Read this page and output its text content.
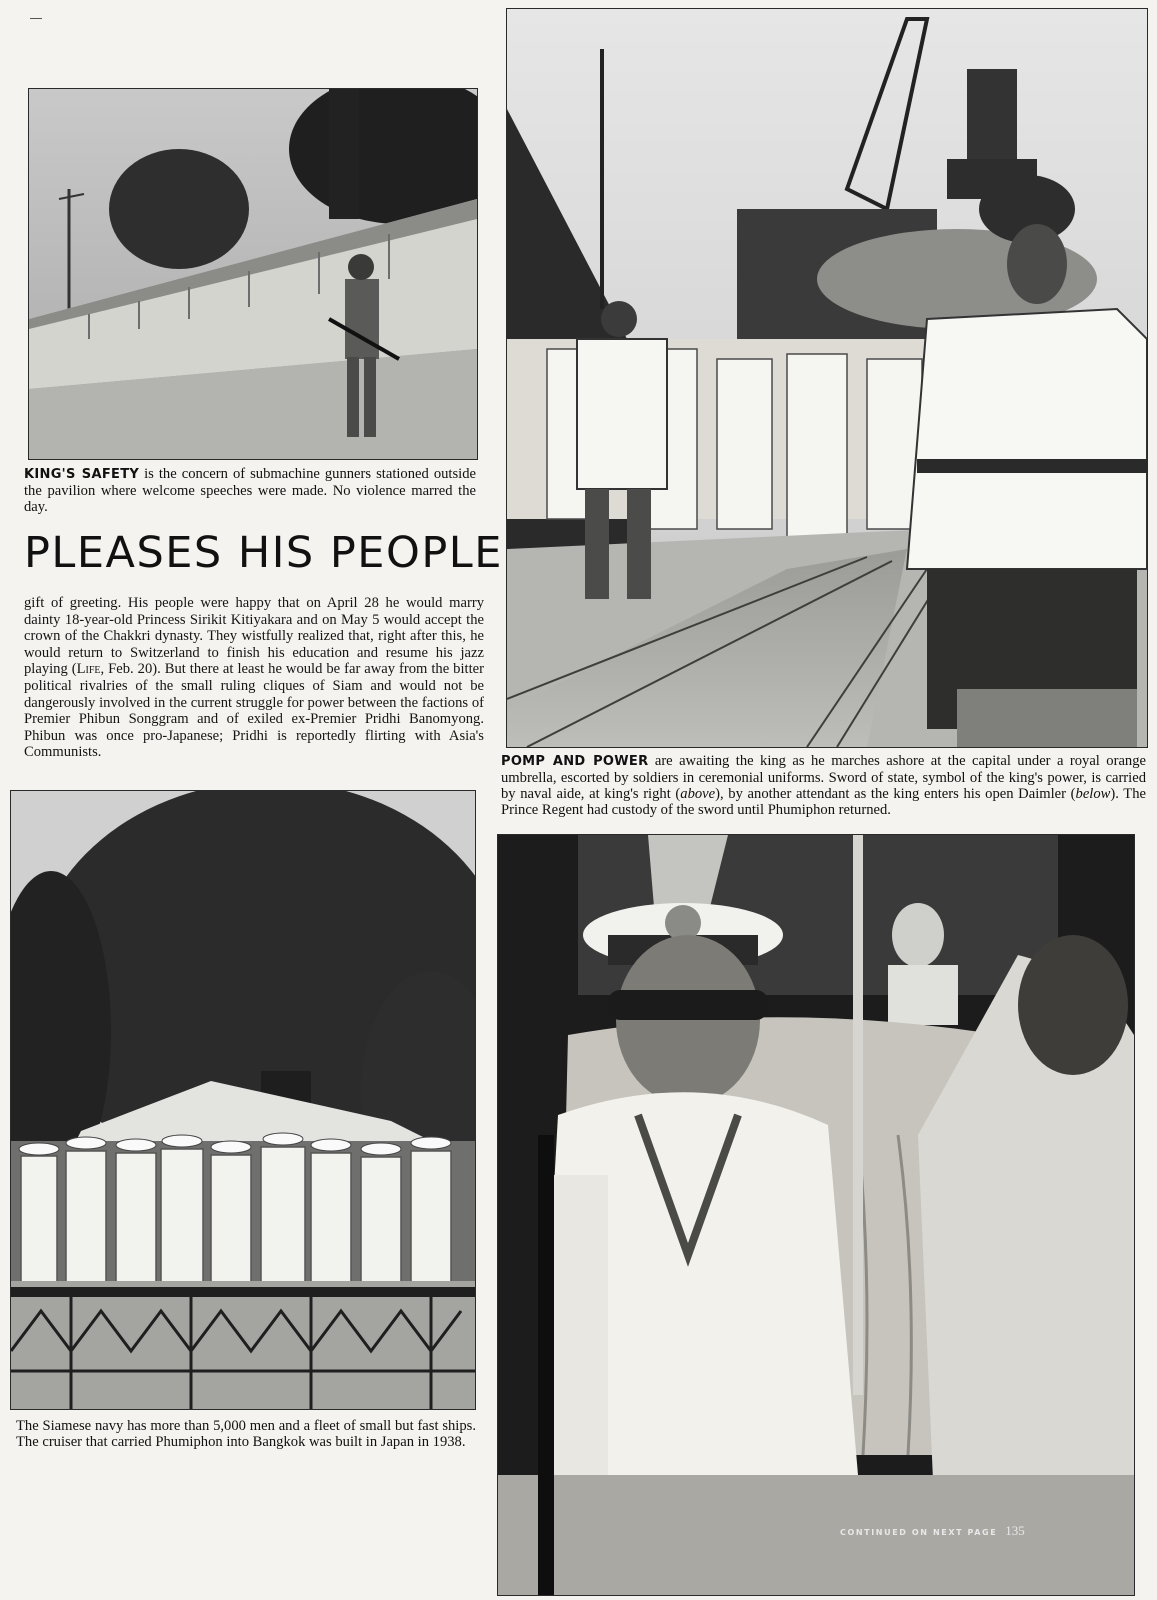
KING'S SAFETY is the concern of submachine gunners stationed outside the pavilion where welcome speeches were made. No violence marred the day.
PLEASES HIS PEOPLE

gift of greeting. His people were happy that on April 28 he would marry dainty 18-year-old Princess Sirikit Kitiyakara and on May 5 would accept the crown of the Chakkri dynasty. They wistfully realized that, right after this, he would return to Switzerland to finish his education and resume his jazz playing (Life, Feb. 20). But there at least he would be far away from the bitter political rivalries of the small ruling cliques of Siam and would not be dangerously involved in the current struggle for power between the factions of Premier Phibun Songgram and of exiled ex-Premier Pridhi Banomyong. Phibun was once pro-Japanese; Pridhi is reportedly flirting with Asia's Communists.

POMP AND POWER are awaiting the king as he marches ashore at the capital under a royal orange umbrella, escorted by soldiers in ceremonial uniforms. Sword of state, symbol of the king's power, is carried by naval aide, at king's right (above), by another attendant as the king enters his open Daimler (below). The Prince Regent had custody of the sword until Phumiphon returned.
The Siamese navy has more than 5,000 men and a fleet of small but fast ships. The cruiser that carried Phumiphon into Bangkok was built in Japan in 1938.
CONTINUED ON NEXT PAGE 135
